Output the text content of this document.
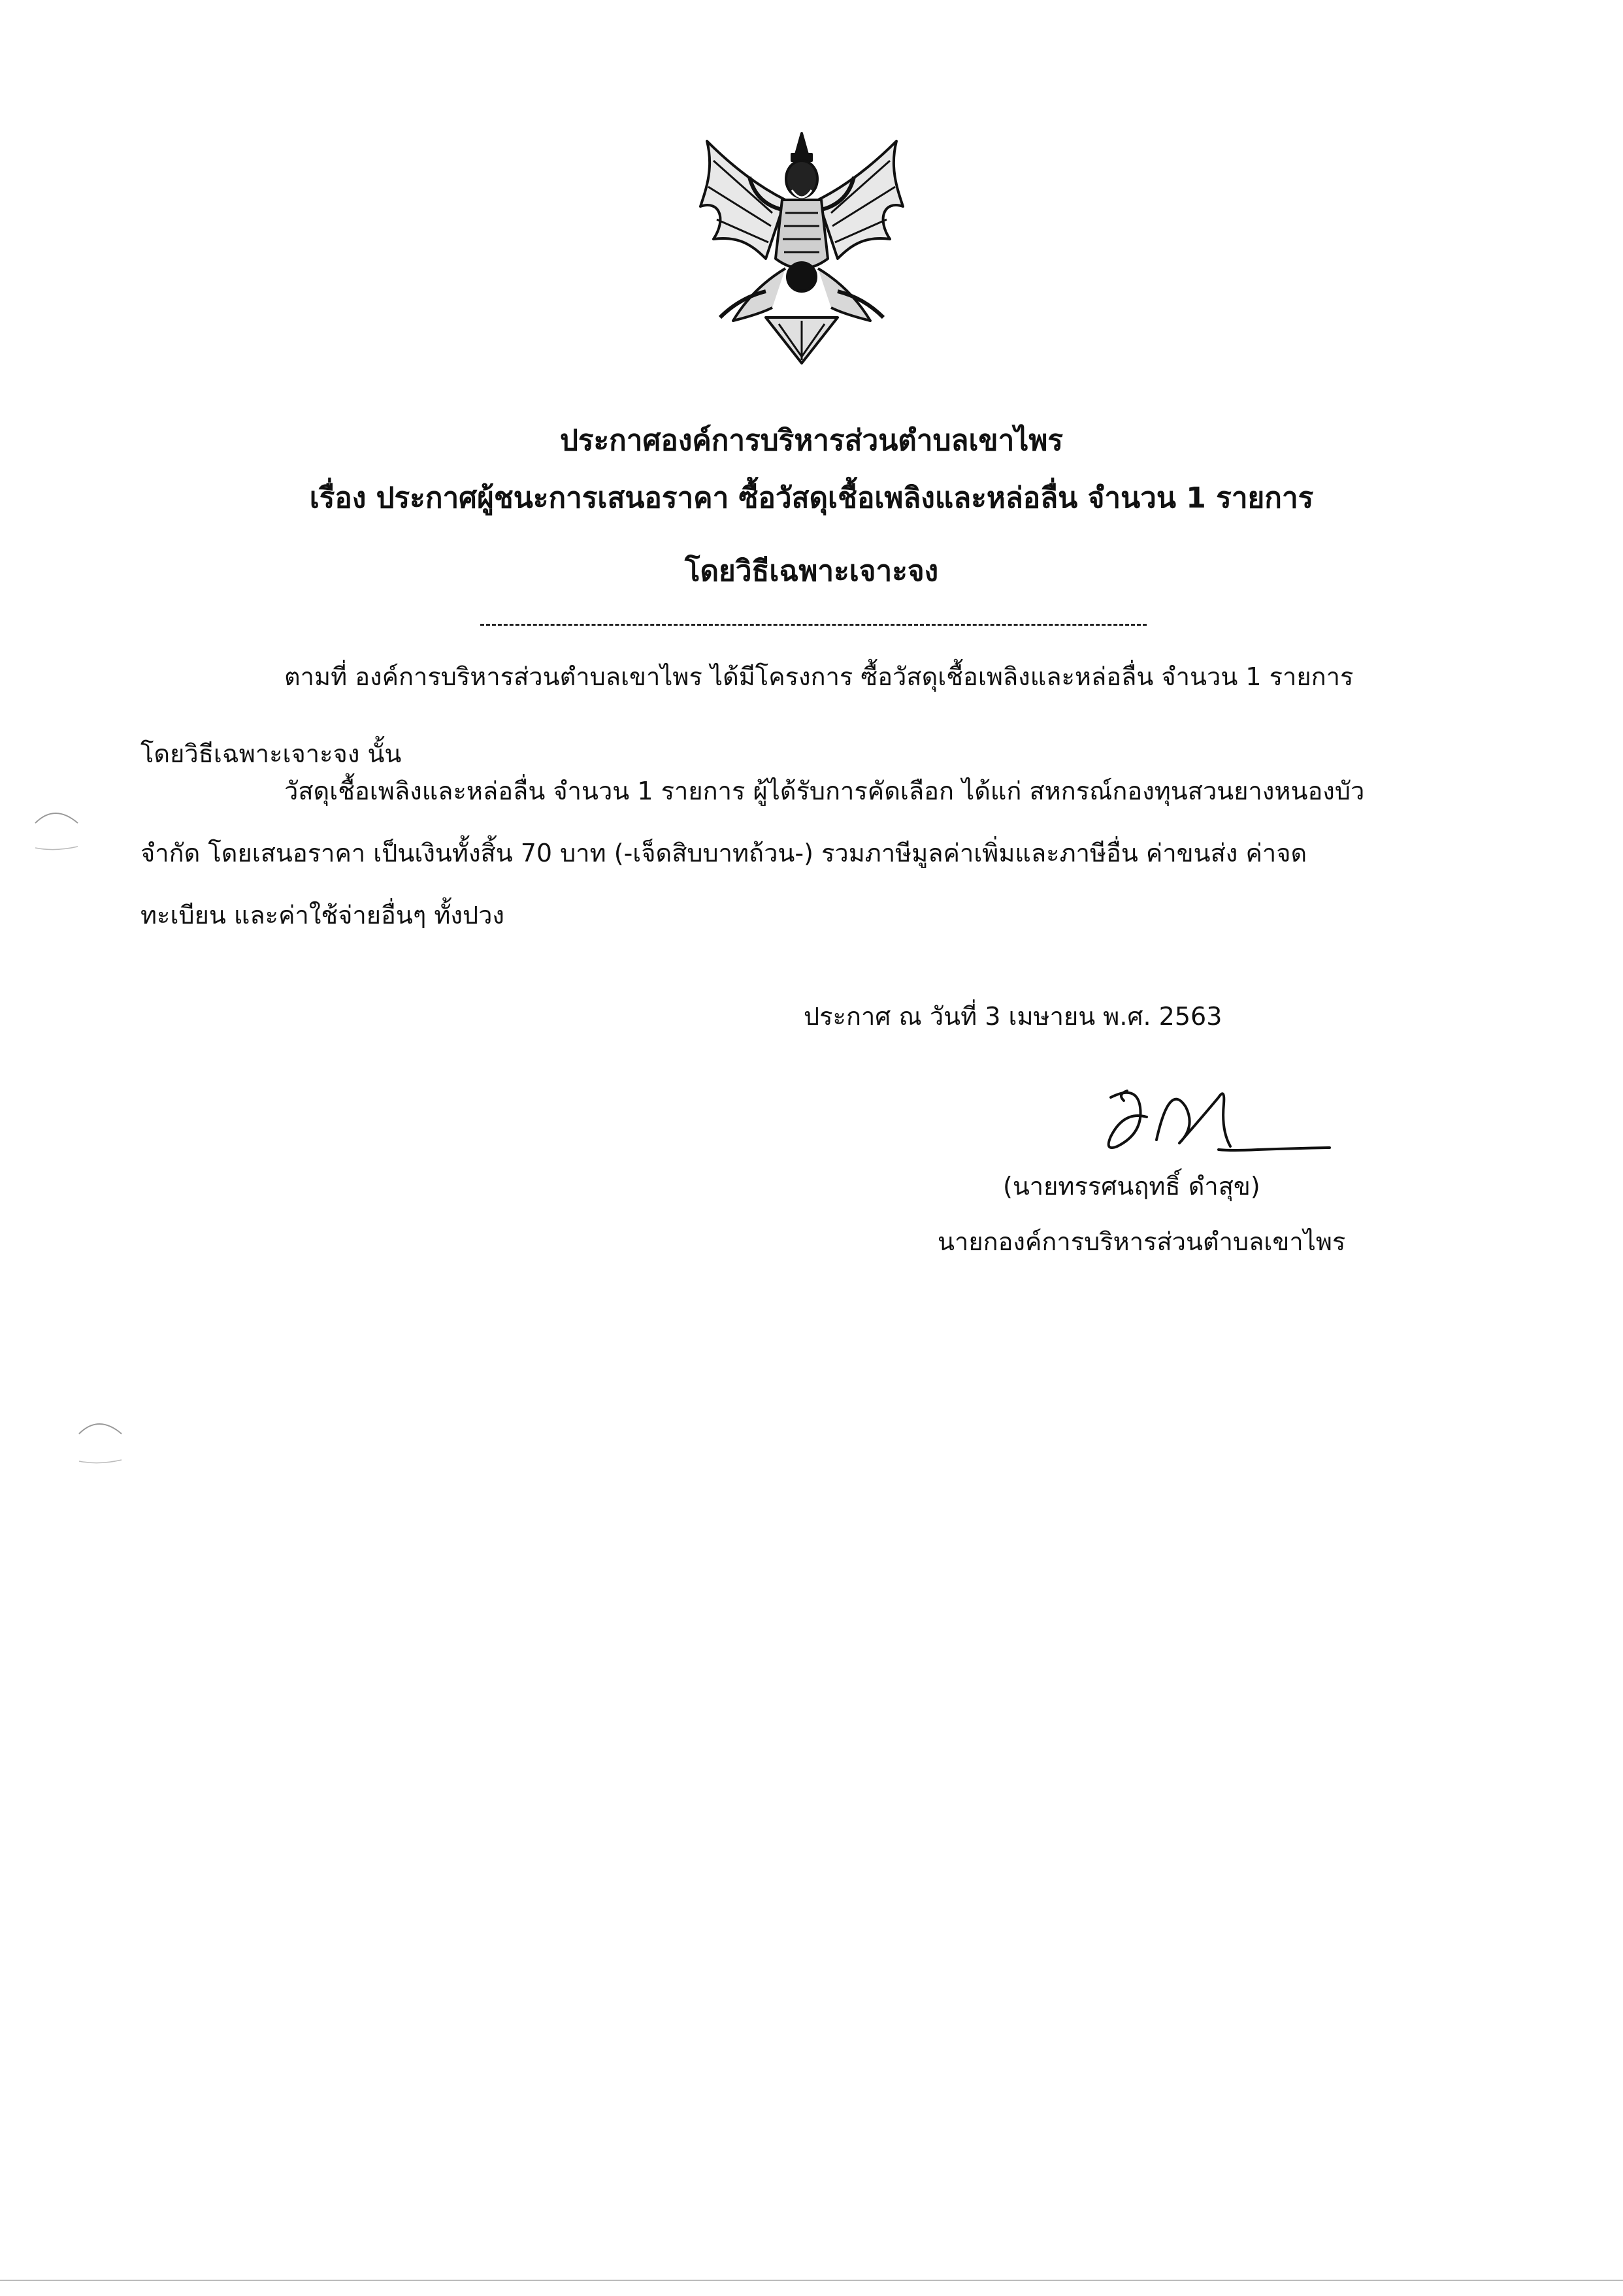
ประกาศองค์การบริหารส่วนตำบลเขาไพร
เรื่อง ประกาศผู้ชนะการเสนอราคา ซื้อวัสดุเชื้อเพลิงและหล่อลื่น จำนวน 1 รายการ
โดยวิธีเฉพาะเจาะจง
ตามที่ องค์การบริหารส่วนตำบลเขาไพร ได้มีโครงการ ซื้อวัสดุเชื้อเพลิงและหล่อลื่น จำนวน 1 รายการ
โดยวิธีเฉพาะเจาะจง นั้น
วัสดุเชื้อเพลิงและหล่อลื่น จำนวน 1 รายการ ผู้ได้รับการคัดเลือก ได้แก่ สหกรณ์กองทุนสวนยางหนองบัว
จำกัด โดยเสนอราคา เป็นเงินทั้งสิ้น 70 บาท (-เจ็ดสิบบาทถ้วน-) รวมภาษีมูลค่าเพิ่มและภาษีอื่น ค่าขนส่ง ค่าจด
ทะเบียน และค่าใช้จ่ายอื่นๆ ทั้งปวง
ประกาศ ณ วันที่ 3 เมษายน พ.ศ. 2563
(นายทรรศนฤทธิ์ ดำสุข)
นายกองค์การบริหารส่วนตำบลเขาไพร
